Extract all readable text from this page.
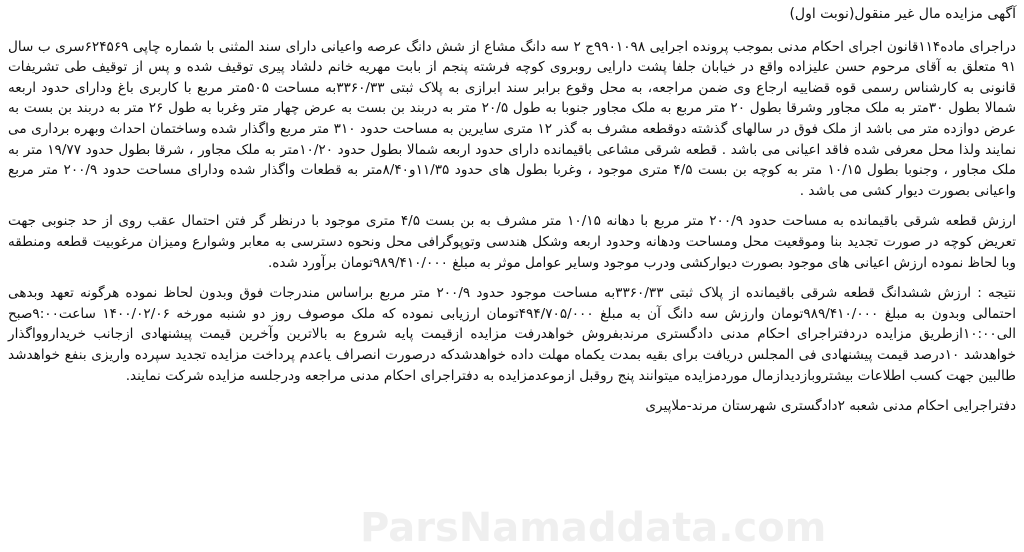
آگهی مزایده مال غیر منقول(نوبت اول)
دراجرای ماده۱۱۴قانون اجرای احکام مدنی بموجب پرونده اجرایی ۹۹۰۱۰۹۸ج ۲ سه دانگ مشاع از شش دانگ عرصه واعیانی دارای سند المثنی با شماره چاپی ۶۲۴۵۶۹سری ب سال ۹۱ متعلق به آقای مرحوم حسن علیزاده واقع در خیابان جلفا پشت دارایی روبروی کوچه فرشته پنجم از بابت مهریه خانم دلشاد پیری توقیف شده و پس از توقیف طی تشریفات قانونی به کارشناس رسمی قوه قضاییه ارجاع وی ضمن مراجعه، به محل وقوع برابر سند ابرازی به پلاک ثبتی ۳۳۶۰/۳۳به مساحت ۵۰۵متر مربع با کاربری باغ ودارای حدود اربعه شمالا بطول ۳۰متر به ملک مجاور وشرقا بطول ۲۰ متر مربع به ملک مجاور جنوبا به طول ۲۰/۵ متر به دربند بن بست به عرض چهار متر وغربا به طول ۲۶ متر به دربند بن بست به عرض دوازده متر می باشد از ملک فوق در سالهای گذشته دوقطعه مشرف به گذر ۱۲ متری سایرین به مساحت حدود ۳۱۰ متر مربع واگذار شده وساختمان احداث وبهره برداری می نمایند ولذا محل معرفی شده فاقد اعیانی می باشد . قطعه شرقی مشاعی باقیمانده دارای حدود اربعه شمالا بطول حدود ۱۰/۲۰متر به ملک مجاور ، شرقا بطول حدود ۱۹/۷۷ متر به ملک مجاور ، وجنوبا بطول ۱۰/۱۵ متر به کوچه بن بست ۴/۵ متری موجود ، وغربا بطول های حدود ۱۱/۳۵و۸/۴۰متر به قطعات واگذار شده ودارای مساحت حدود ۲۰۰/۹ متر مربع واعیانی بصورت دیوار کشی می باشد .
ارزش قطعه شرقی باقیمانده به مساحت حدود ۲۰۰/۹ متر مربع با دهانه ۱۰/۱۵ متر مشرف به بن بست ۴/۵ متری موجود با درنظر گر فتن احتمال عقب روی از حد جنوبی جهت تعریض کوچه در صورت تجدید بنا وموقعیت محل ومساحت ودهانه وحدود اربعه وشکل هندسی وتوپوگرافی محل ونحوه دسترسی به معابر وشوارع ومیزان مرغوبیت قطعه ومنطقه وبا لحاظ نموده ارزش اعیانی های موجود بصورت دیوارکشی ودرب موجود وسایر عوامل موثر به مبلغ ۹۸۹/۴۱۰/۰۰۰تومان برآورد شده.
نتیجه : ارزش ششدانگ قطعه شرقی باقیمانده از پلاک ثبتی ۳۳۶۰/۳۳به مساحت موجود حدود ۲۰۰/۹ متر مربع براساس مندرجات فوق وبدون لحاظ نموده هرگونه تعهد وبدهی احتمالی وبدون به مبلغ ۹۸۹/۴۱۰/۰۰۰تومان وارزش سه دانگ آن به مبلغ ۴۹۴/۷۰۵/۰۰۰تومان ارزیابی نموده که ملک موصوف روز دو شنبه مورخه ۱۴۰۰/۰۲/۰۶ ساعت۹:۰۰صبح الی۱۰:۰۰ازطریق مزایده دردفتراجرای احکام مدنی دادگستری مرندبفروش خواهدرفت مزایده ازقیمت پایه شروع به بالاترین وآخرین قیمت پیشنهادی ازجانب خریداروواگذار خواهدشد ۱۰درصد قیمت پیشنهادی فی المجلس دریافت برای بقیه بمدت یکماه مهلت داده خواهدشدکه درصورت انصراف یاعدم پرداخت مزایده تجدید سپرده واریزی بنفع خواهدشد طالبین جهت کسب اطلاعات بیشتروبازدیدازمال موردمزایده میتوانند پنج روقبل ازموعدمزایده به دفتراجرای احکام مدنی مراجعه ودرجلسه مزایده شرکت نمایند.
دفتراجرایی احکام مدنی شعبه ۲دادگستری شهرستان مرند-ملاپیری
ParsNamaddata.com
